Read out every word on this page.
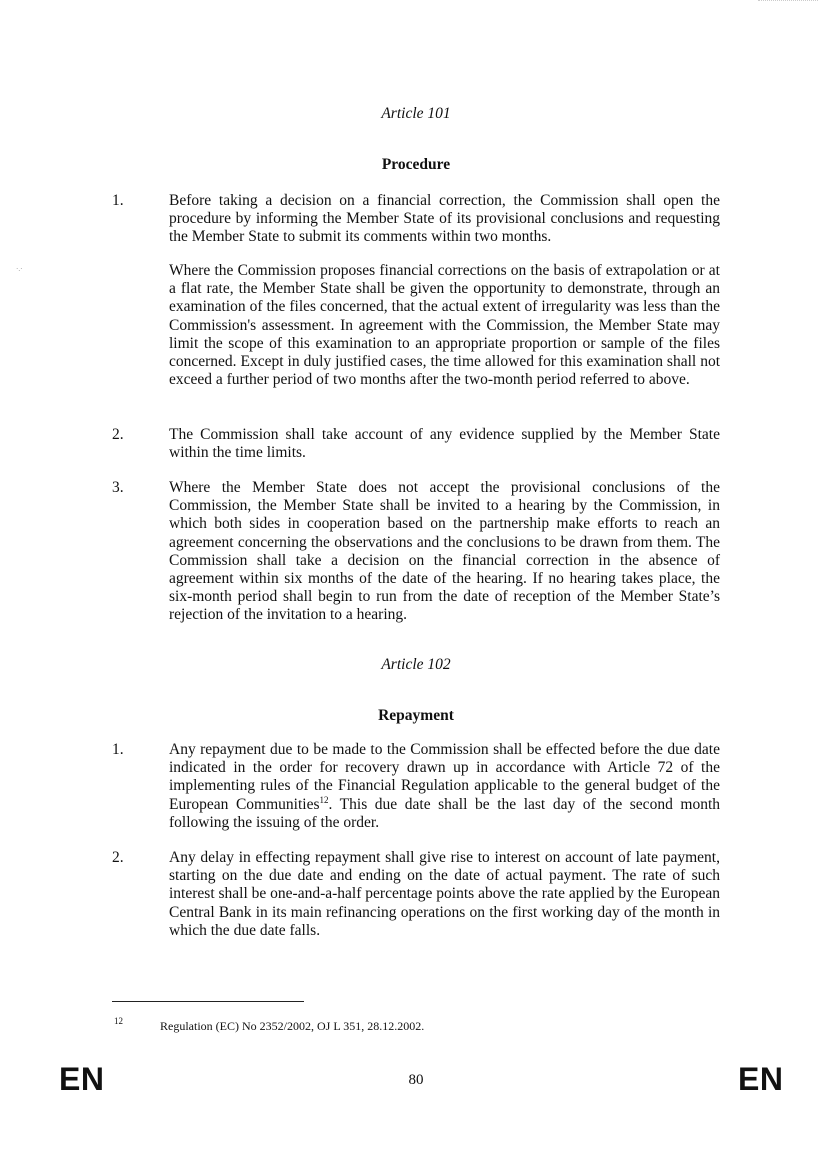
·.·
Article 101
Procedure
1.	Before taking a decision on a financial correction, the Commission shall open the procedure by informing the Member State of its provisional conclusions and requesting the Member State to submit its comments within two months.
Where the Commission proposes financial corrections on the basis of extrapolation or at a flat rate, the Member State shall be given the opportunity to demonstrate, through an examination of the files concerned, that the actual extent of irregularity was less than the Commission's assessment. In agreement with the Commission, the Member State may limit the scope of this examination to an appropriate proportion or sample of the files concerned. Except in duly justified cases, the time allowed for this examination shall not exceed a further period of two months after the two-month period referred to above.
2.	The Commission shall take account of any evidence supplied by the Member State within the time limits.
3.	Where the Member State does not accept the provisional conclusions of the Commission, the Member State shall be invited to a hearing by the Commission, in which both sides in cooperation based on the partnership make efforts to reach an agreement concerning the observations and the conclusions to be drawn from them. The Commission shall take a decision on the financial correction in the absence of agreement within six months of the date of the hearing. If no hearing takes place, the six-month period shall begin to run from the date of reception of the Member State’s rejection of the invitation to a hearing.
Article 102
Repayment
1.	Any repayment due to be made to the Commission shall be effected before the due date indicated in the order for recovery drawn up in accordance with Article 72 of the implementing rules of the Financial Regulation applicable to the general budget of the European Communities$^{12}$. This due date shall be the last day of the second month following the issuing of the order.
2.	Any delay in effecting repayment shall give rise to interest on account of late payment, starting on the due date and ending on the date of actual payment. The rate of such interest shall be one-and-a-half percentage points above the rate applied by the European Central Bank in its main refinancing operations on the first working day of the month in which the due date falls.
12	Regulation (EC) No 2352/2002, OJ L 351, 28.12.2002.
EN	80	EN
